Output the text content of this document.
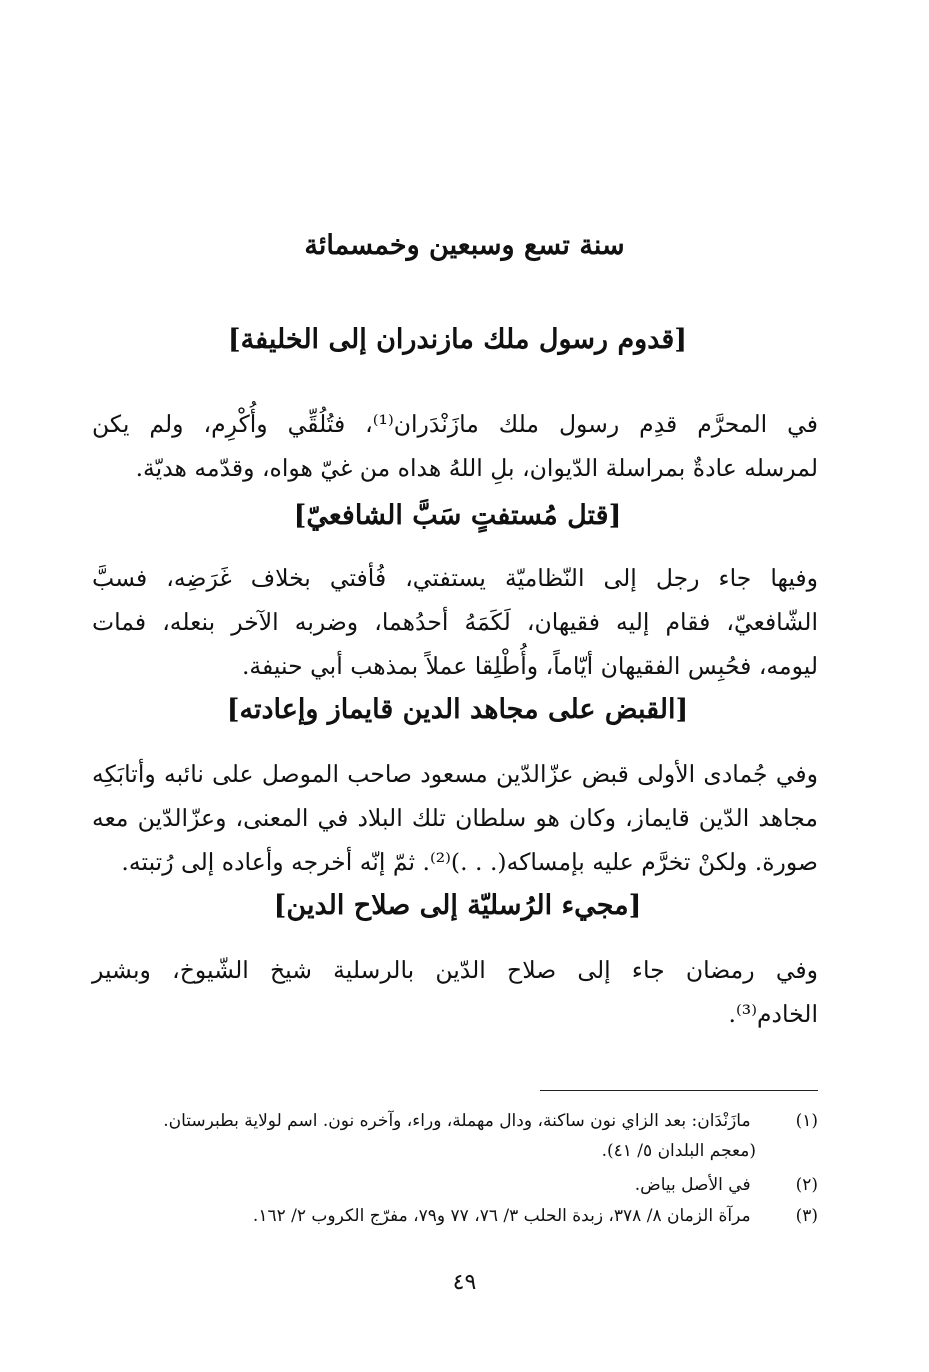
سنة تسع وسبعين وخمسمائة
[قدوم رسول ملك مازندران إلى الخليفة]
في المحرَّم قدِم رسول ملك مازَنْدَران⁽¹⁾، فتُلُقِّي وأُكْرِم، ولم يكن
لمرسله عادةٌ بمراسلة الدّيوان، بلِ اللهُ هداه من غيّ هواه، وقدّمه هديّة.
[قتل مُستفتٍ سَبَّ الشافعيّ]
وفيها جاء رجل إلى النّظاميّة يستفتي، فُأفتي بخلاف غَرَضِه، فسبَّ
الشّافعيّ، فقام إليه فقيهان، لَكَمَهُ أحدُهما، وضربه الآخر بنعله، فمات
ليومه، فحُبِس الفقيهان أيّاماً، وأُطْلِقا عملاً بمذهب أبي حنيفة.
[القبض على مجاهد الدين قايماز وإعادته]
وفي جُمادى الأولى قبض عزّالدّين مسعود صاحب الموصل على نائبه وأتابَكِه
مجاهد الدّين قايماز، وكان هو سلطان تلك البلاد في المعنى، وعزّالدّين معه
صورة. ولكنْ تخرَّم عليه بإمساكه(. . .)⁽²⁾. ثمّ إنّه أخرجه وأعاده إلى رُتبته.
[مجيء الرُسليّة إلى صلاح الدين]
وفي رمضان جاء إلى صلاح الدّين بالرسلية شيخ الشّيوخ، وبشير
الخادم⁽³⁾.
(١) مازَنْدَان: بعد الزاي نون ساكنة، ودال مهملة، وراء، وآخره نون. اسم لولاية بطبرستان.
(معجم البلدان ٥/ ٤١).
(٢) في الأصل بياض.
(٣) مرآة الزمان ٨/ ٣٧٨، زبدة الحلب ٣/ ٧٦، ٧٧ و٧٩، مفرّج الكروب ٢/ ١٦٢.
٤٩
